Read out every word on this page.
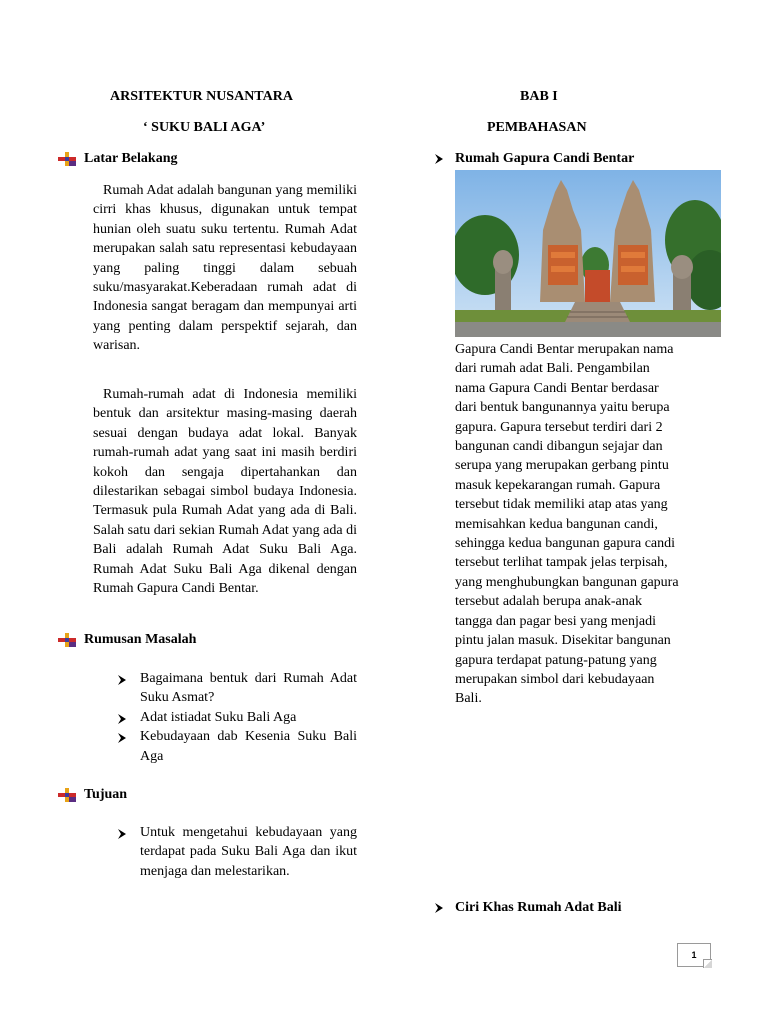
ARSITEKTUR NUSANTARA
‘ SUKU BALI AGA’
BAB I
PEMBAHASAN
Latar Belakang
Rumah Adat adalah bangunan yang memiliki cirri khas khusus, digunakan untuk tempat hunian oleh suatu suku tertentu. Rumah Adat merupakan salah satu representasi kebudayaan yang paling tinggi dalam sebuah suku/masyarakat.Keberadaan rumah adat di Indonesia sangat beragam dan mempunyai arti yang penting dalam perspektif sejarah, dan warisan.
Rumah-rumah adat di Indonesia memiliki bentuk dan arsitektur masing-masing daerah sesuai dengan budaya adat lokal. Banyak rumah-rumah adat yang saat ini masih berdiri kokoh dan sengaja dipertahankan dan dilestarikan sebagai simbol budaya Indonesia. Termasuk pula Rumah Adat yang ada di Bali. Salah satu dari sekian Rumah Adat yang ada di Bali adalah Rumah Adat Suku Bali Aga. Rumah Adat Suku Bali Aga dikenal dengan Rumah Gapura Candi Bentar.
Rumusan Masalah
Bagaimana bentuk dari Rumah Adat Suku Asmat?
Adat istiadat Suku Bali Aga
Kebudayaan dab Kesenia Suku Bali Aga
Tujuan
Untuk mengetahui kebudayaan yang terdapat pada Suku Bali Aga dan ikut menjaga dan melestarikan.
Rumah Gapura Candi Bentar
Gapura Candi Bentar merupakan nama dari rumah adat Bali. Pengambilan nama Gapura Candi Bentar berdasar dari bentuk bangunannya yaitu berupa gapura. Gapura tersebut terdiri dari 2 bangunan candi dibangun sejajar dan serupa yang merupakan gerbang pintu masuk kepekarangan rumah. Gapura tersebut tidak memiliki atap atas yang memisahkan kedua bangunan candi, sehingga kedua bangunan gapura candi tersebut terlihat tampak jelas terpisah, yang menghubungkan bangunan gapura tersebut adalah berupa anak-anak tangga dan pagar besi yang menjadi pintu jalan masuk. Disekitar bangunan gapura terdapat patung-patung yang merupakan simbol dari kebudayaan Bali.
Ciri Khas Rumah Adat Bali
1
